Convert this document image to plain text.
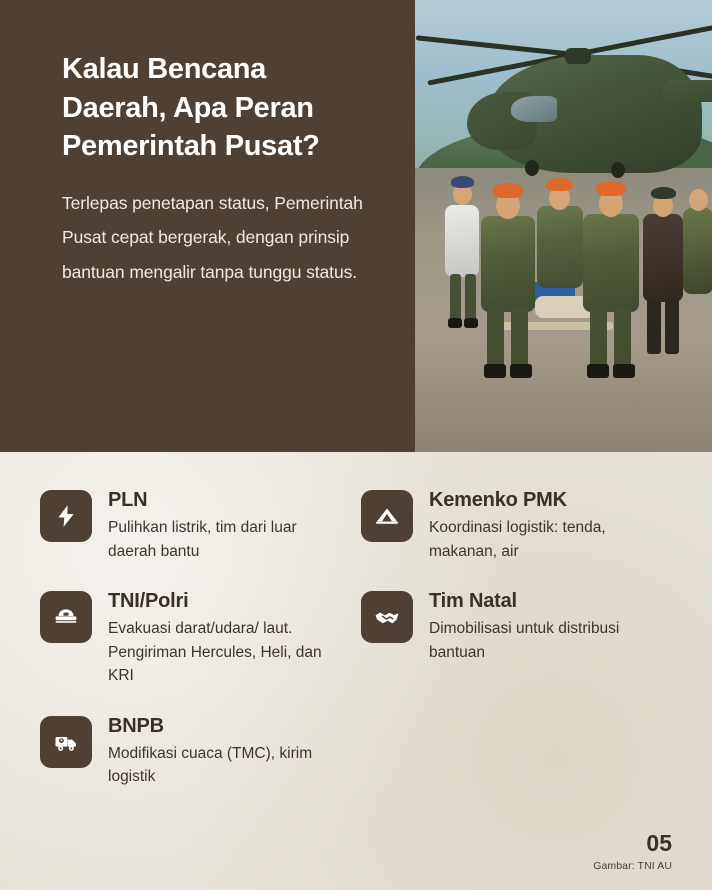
Kalau Bencana Daerah, Apa Peran Pemerintah Pusat?

Terlepas penetapan status, Pemerintah Pusat cepat bergerak, dengan prinsip bantuan mengalir tanpa tunggu status.

PLN
Pulihkan listrik, tim dari luar daerah bantu
TNI/Polri
Evakuasi darat/udara/ laut. Pengiriman Hercules, Heli, dan KRI
BNPB
Modifikasi cuaca (TMC), kirim logistik
Kemenko PMK
Koordinasi logistik: tenda, makanan, air
Tim Natal
Dimobilisasi untuk distribusi bantuan
05
Gambar: TNI AU
